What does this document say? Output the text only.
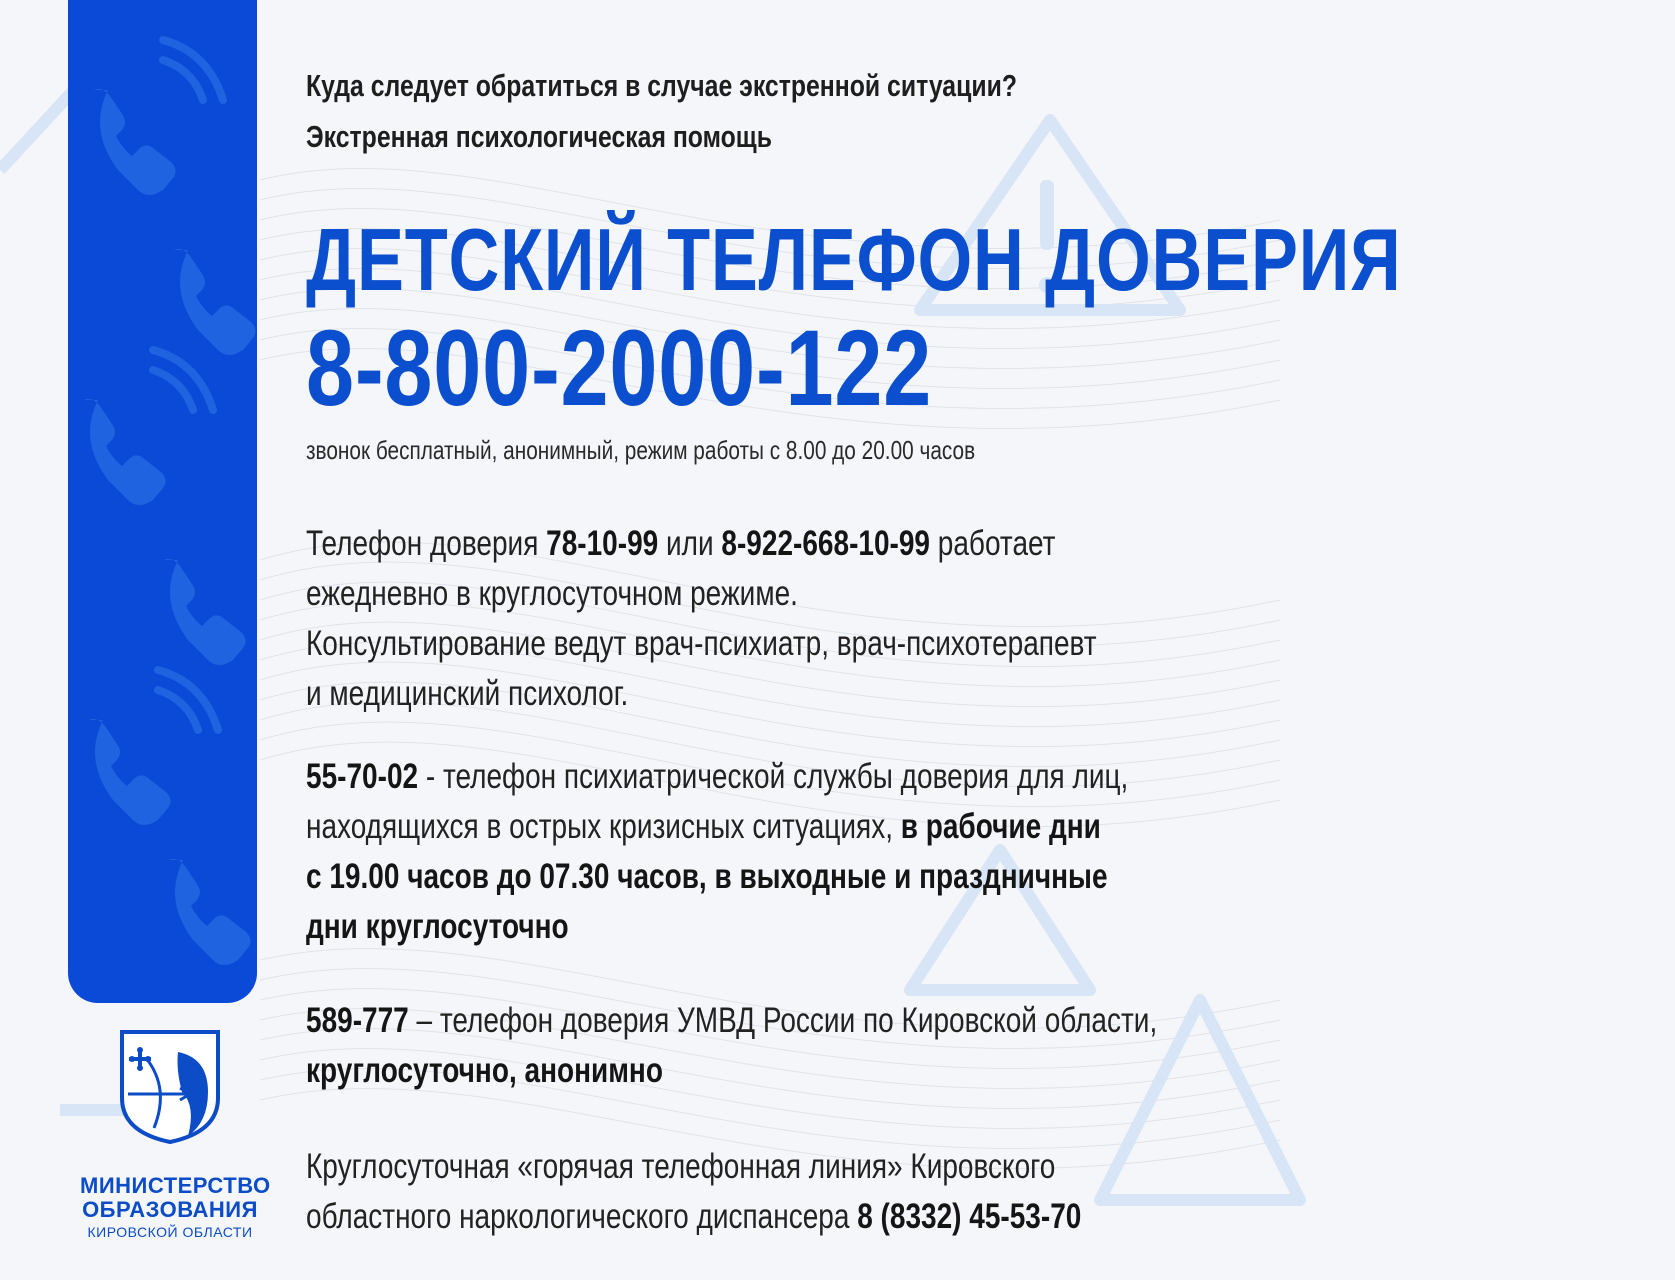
Куда следует обратиться в случае экстренной ситуации?
Экстренная психологическая помощь
ДЕТСКИЙ ТЕЛЕФОН ДОВЕРИЯ
8-800-2000-122
звонок бесплатный, анонимный, режим работы с 8.00 до 20.00 часов
Телефон доверия 78-10-99 или 8-922-668-10-99 работает
ежедневно в круглосуточном режиме.
Консультирование ведут врач-психиатр, врач-психотерапевт
и медицинский психолог.
55-70-02 - телефон психиатрической службы доверия для лиц,
находящихся в острых кризисных ситуациях, в рабочие дни
с 19.00 часов до 07.30 часов, в выходные и праздничные
дни круглосуточно
589-777 – телефон доверия УМВД России по Кировской области,
круглосуточно, анонимно
Круглосуточная «горячая телефонная линия» Кировского
областного наркологического диспансера 8 (8332) 45-53-70
МИНИСТЕРСТВО
ОБРАЗОВАНИЯ
КИРОВСКОЙ ОБЛАСТИ
